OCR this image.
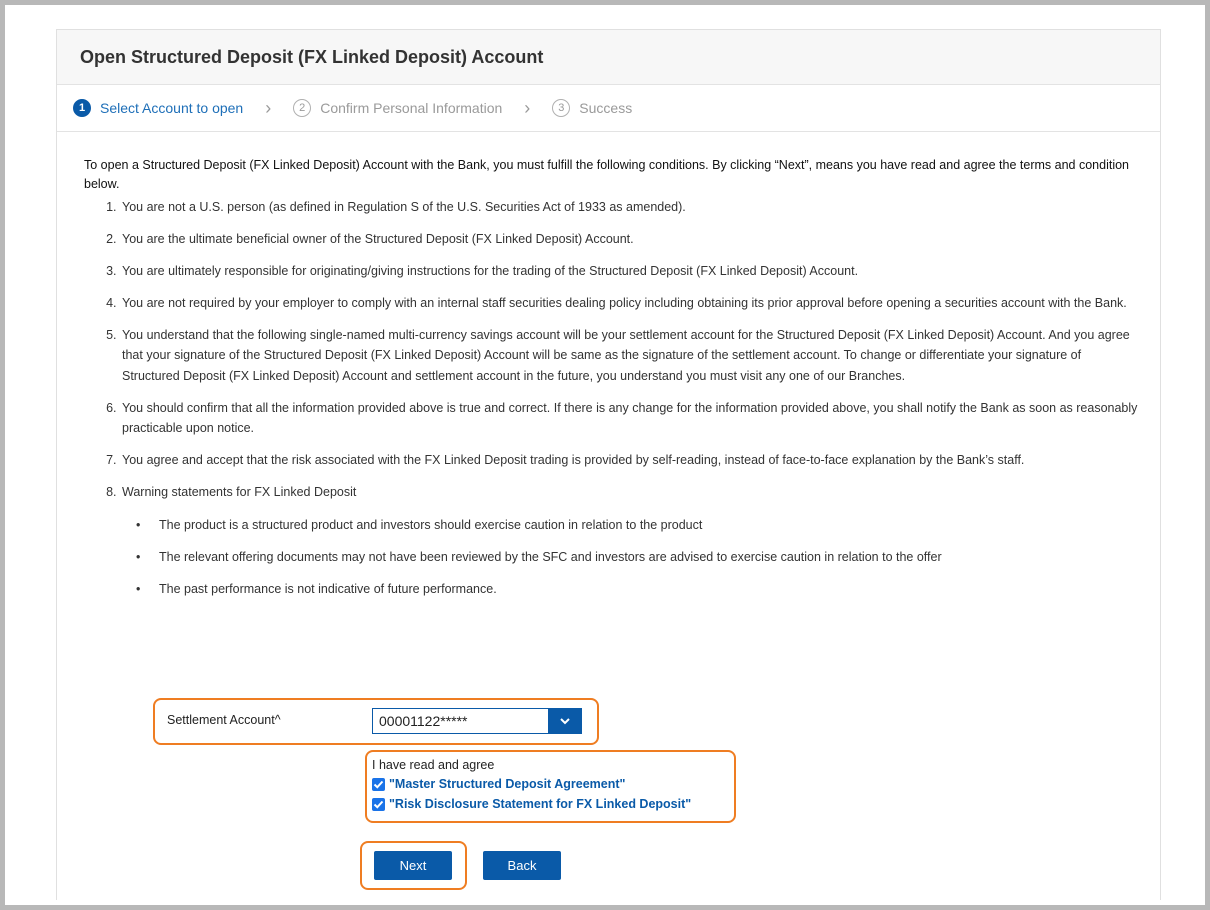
Open Structured Deposit (FX Linked Deposit) Account
1	Select Account to open ›	2	Confirm Personal Information ›	3	Success
To open a Structured Deposit (FX Linked Deposit) Account with the Bank, you must fulfill the following conditions. By clicking “Next”, means you have read and agree the terms and condition below.
1. You are not a U.S. person (as defined in Regulation S of the U.S. Securities Act of 1933 as amended).
2. You are the ultimate beneficial owner of the Structured Deposit (FX Linked Deposit) Account.
3. You are ultimately responsible for originating/giving instructions for the trading of the Structured Deposit (FX Linked Deposit) Account.
4. You are not required by your employer to comply with an internal staff securities dealing policy including obtaining its prior approval before opening a securities account with the Bank.
5. You understand that the following single-named multi-currency savings account will be your settlement account for the Structured Deposit (FX Linked Deposit) Account. And you agree that your signature of the Structured Deposit (FX Linked Deposit) Account will be same as the signature of the settlement account. To change or differentiate your signature of Structured Deposit (FX Linked Deposit) Account and settlement account in the future, you understand you must visit any one of our Branches.
6. You should confirm that all the information provided above is true and correct. If there is any change for the information provided above, you shall notify the Bank as soon as reasonably practicable upon notice.
7. You agree and accept that the risk associated with the FX Linked Deposit trading is provided by self-reading, instead of face-to-face explanation by the Bank’s staff.
8. Warning statements for FX Linked Deposit
• The product is a structured product and investors should exercise caution in relation to the product
• The relevant offering documents may not have been reviewed by the SFC and investors are advised to exercise caution in relation to the offer
• The past performance is not indicative of future performance.
Settlement Account^	00001122*****
I have read and agree
"Master Structured Deposit Agreement"
"Risk Disclosure Statement for FX Linked Deposit"
Next	Back
